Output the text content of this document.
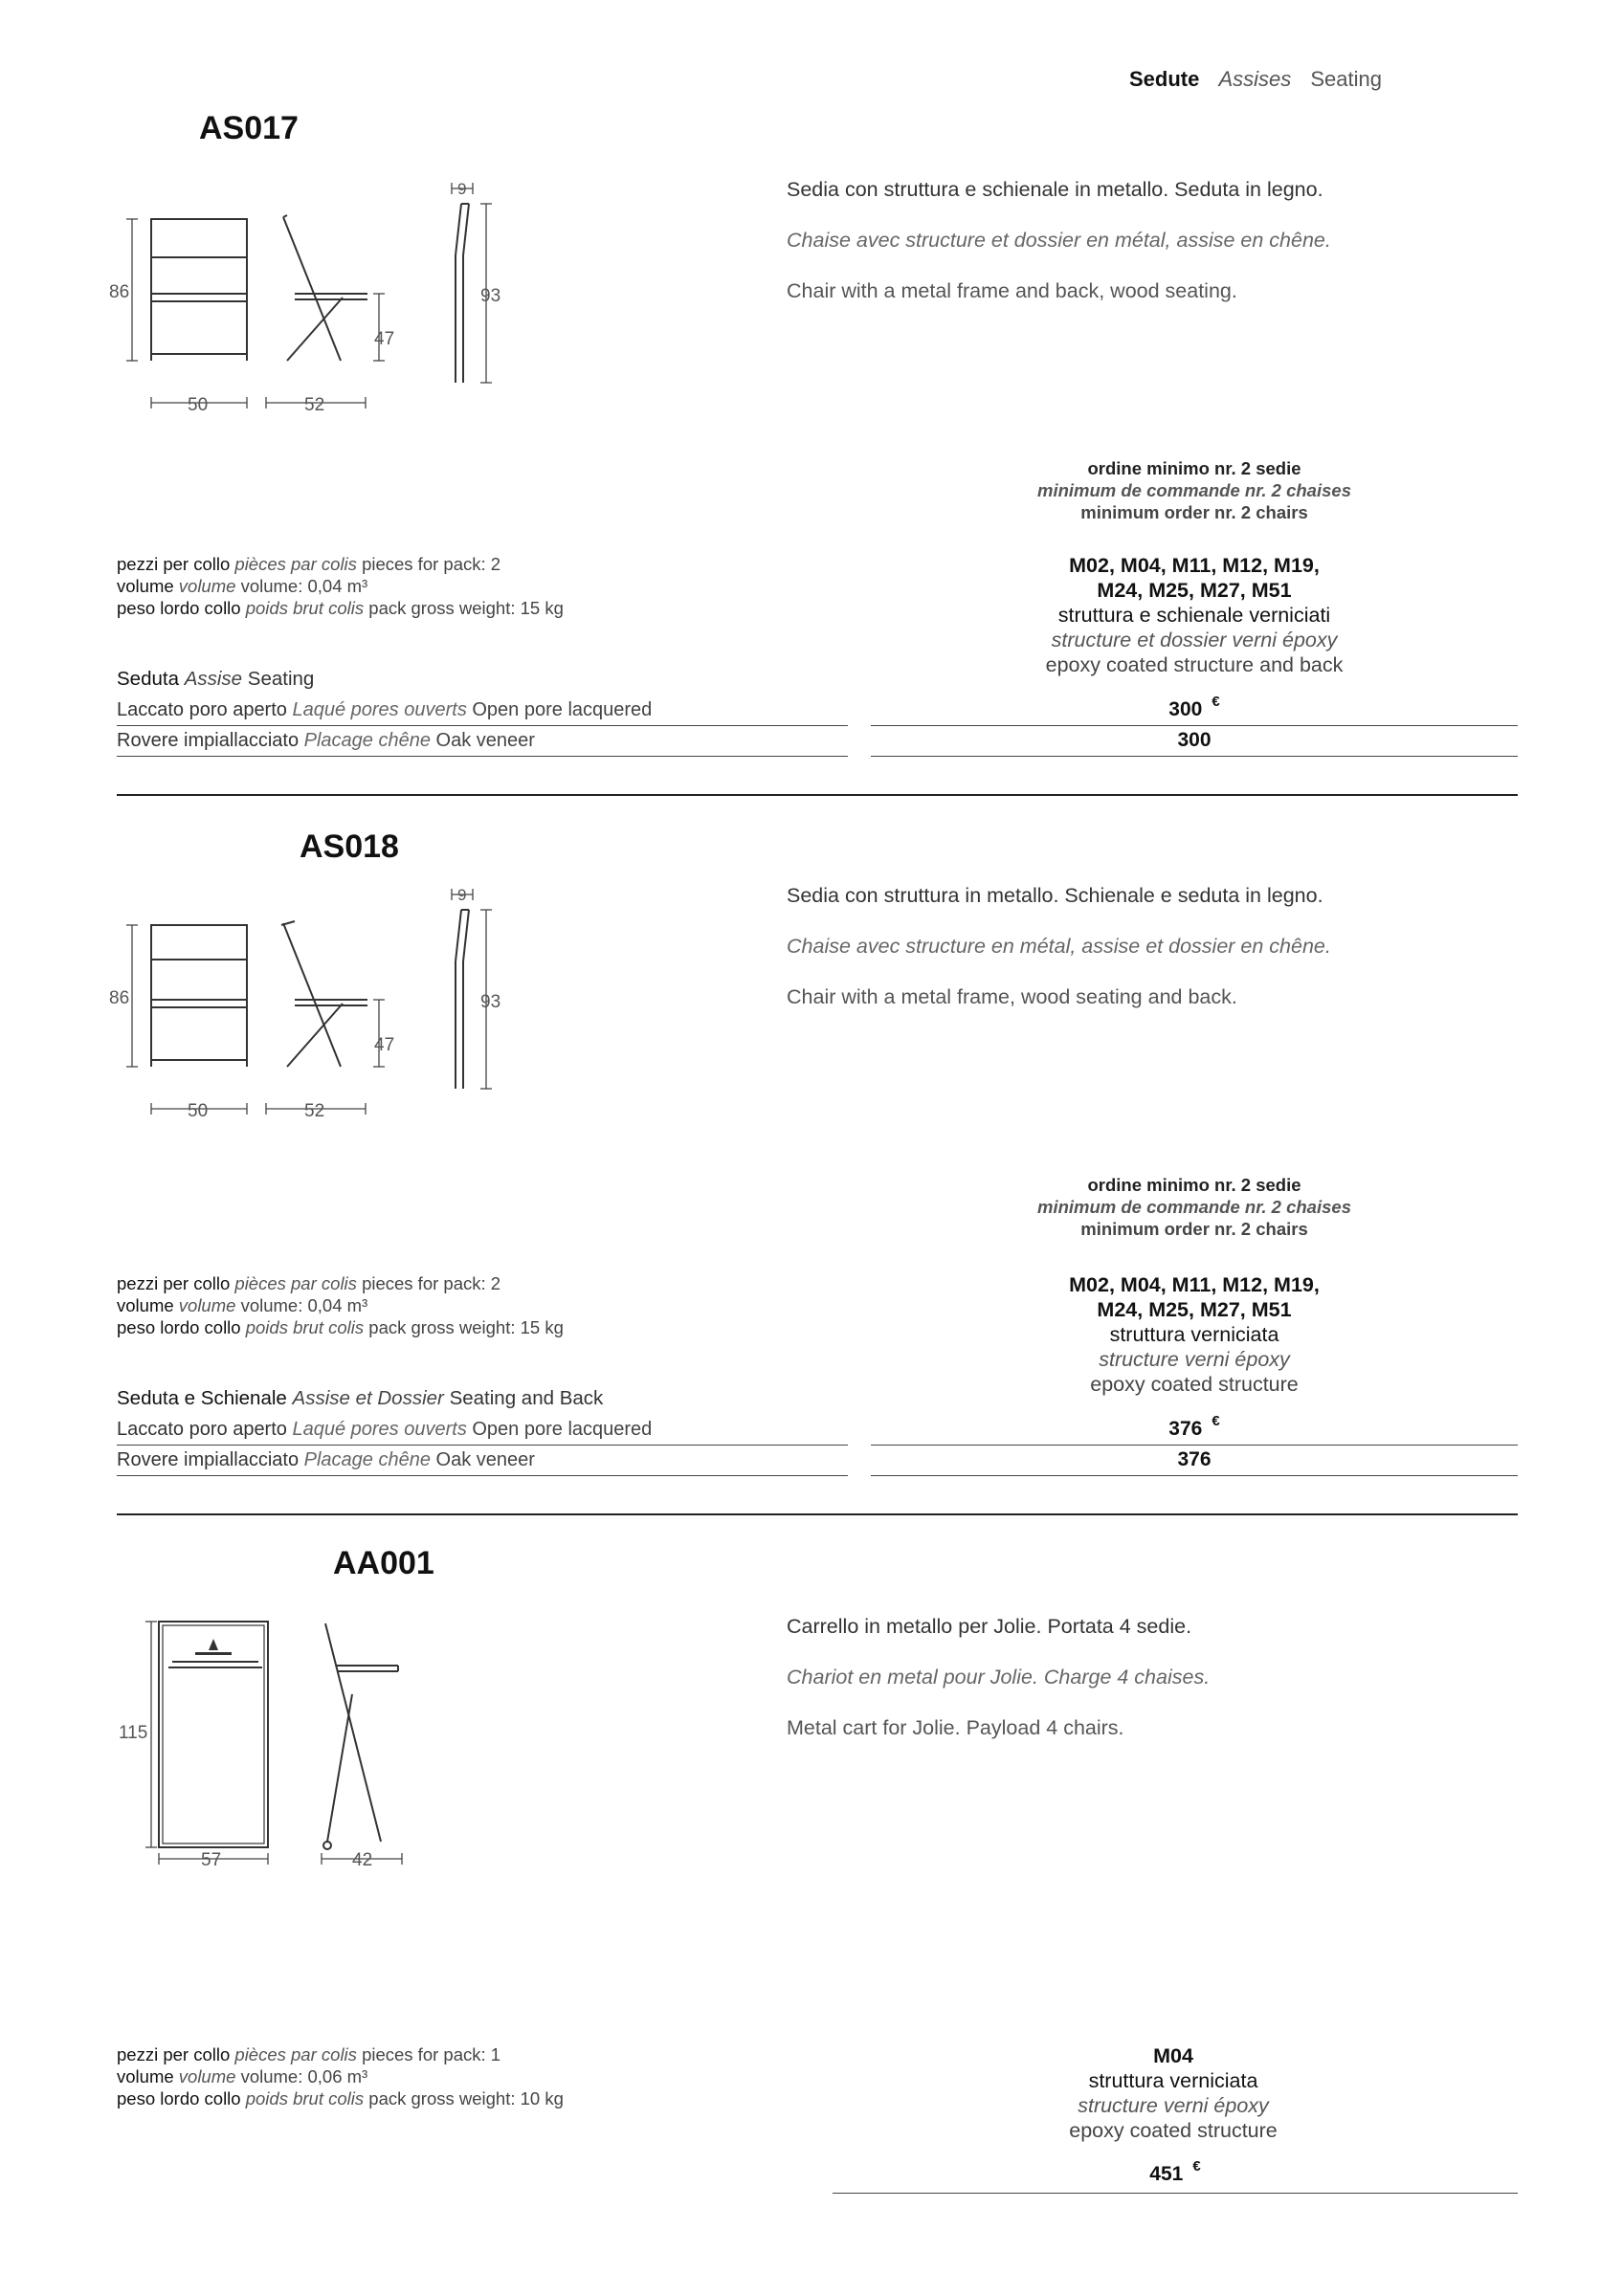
Sedute Assises Seating
AS017
86
50	52
47
9
93

Sedia con struttura e schienale in metallo. Seduta in legno.

Chaise avec structure et dossier en métal, assise en chêne.

Chair with a metal frame and back, wood seating.

ordine minimo nr. 2 sedie
minimum de commande nr. 2 chaises
minimum order nr. 2 chairs
pezzi per collo pièces par colis pieces for pack: 2
volume volume volume: 0,04 m³
peso lordo collo poids brut colis pack gross weight: 15 kg
M02, M04, M11, M12, M19,
M24, M25, M27, M51
struttura e schienale verniciati
structure et dossier verni époxy
epoxy coated structure and back
Seduta Assise Seating
Laccato poro aperto Laqué pores ouverts Open pore lacquered	300 €
Rovere impiallacciato Placage chêne Oak veneer	300
AS018
86
50	52
47
9
93

Sedia con struttura in metallo. Schienale e seduta in legno.

Chaise avec structure en métal, assise et dossier en chêne.

Chair with a metal frame, wood seating and back.

ordine minimo nr. 2 sedie
minimum de commande nr. 2 chaises
minimum order nr. 2 chairs
pezzi per collo pièces par colis pieces for pack: 2
volume volume volume: 0,04 m³
peso lordo collo poids brut colis pack gross weight: 15 kg
M02, M04, M11, M12, M19,
M24, M25, M27, M51
struttura verniciata
structure verni époxy
epoxy coated structure
Seduta e Schienale Assise et Dossier Seating and Back
Laccato poro aperto Laqué pores ouverts Open pore lacquered	376 €
Rovere impiallacciato Placage chêne Oak veneer	376
AA001
115
57	42

Carrello in metallo per Jolie. Portata 4 sedie.

Chariot en metal pour Jolie. Charge 4 chaises.

Metal cart for Jolie. Payload 4 chairs.

pezzi per collo pièces par colis pieces for pack: 1
volume volume volume: 0,06 m³
peso lordo collo poids brut colis pack gross weight: 10 kg
M04
struttura verniciata
structure verni époxy
epoxy coated structure
451 €
